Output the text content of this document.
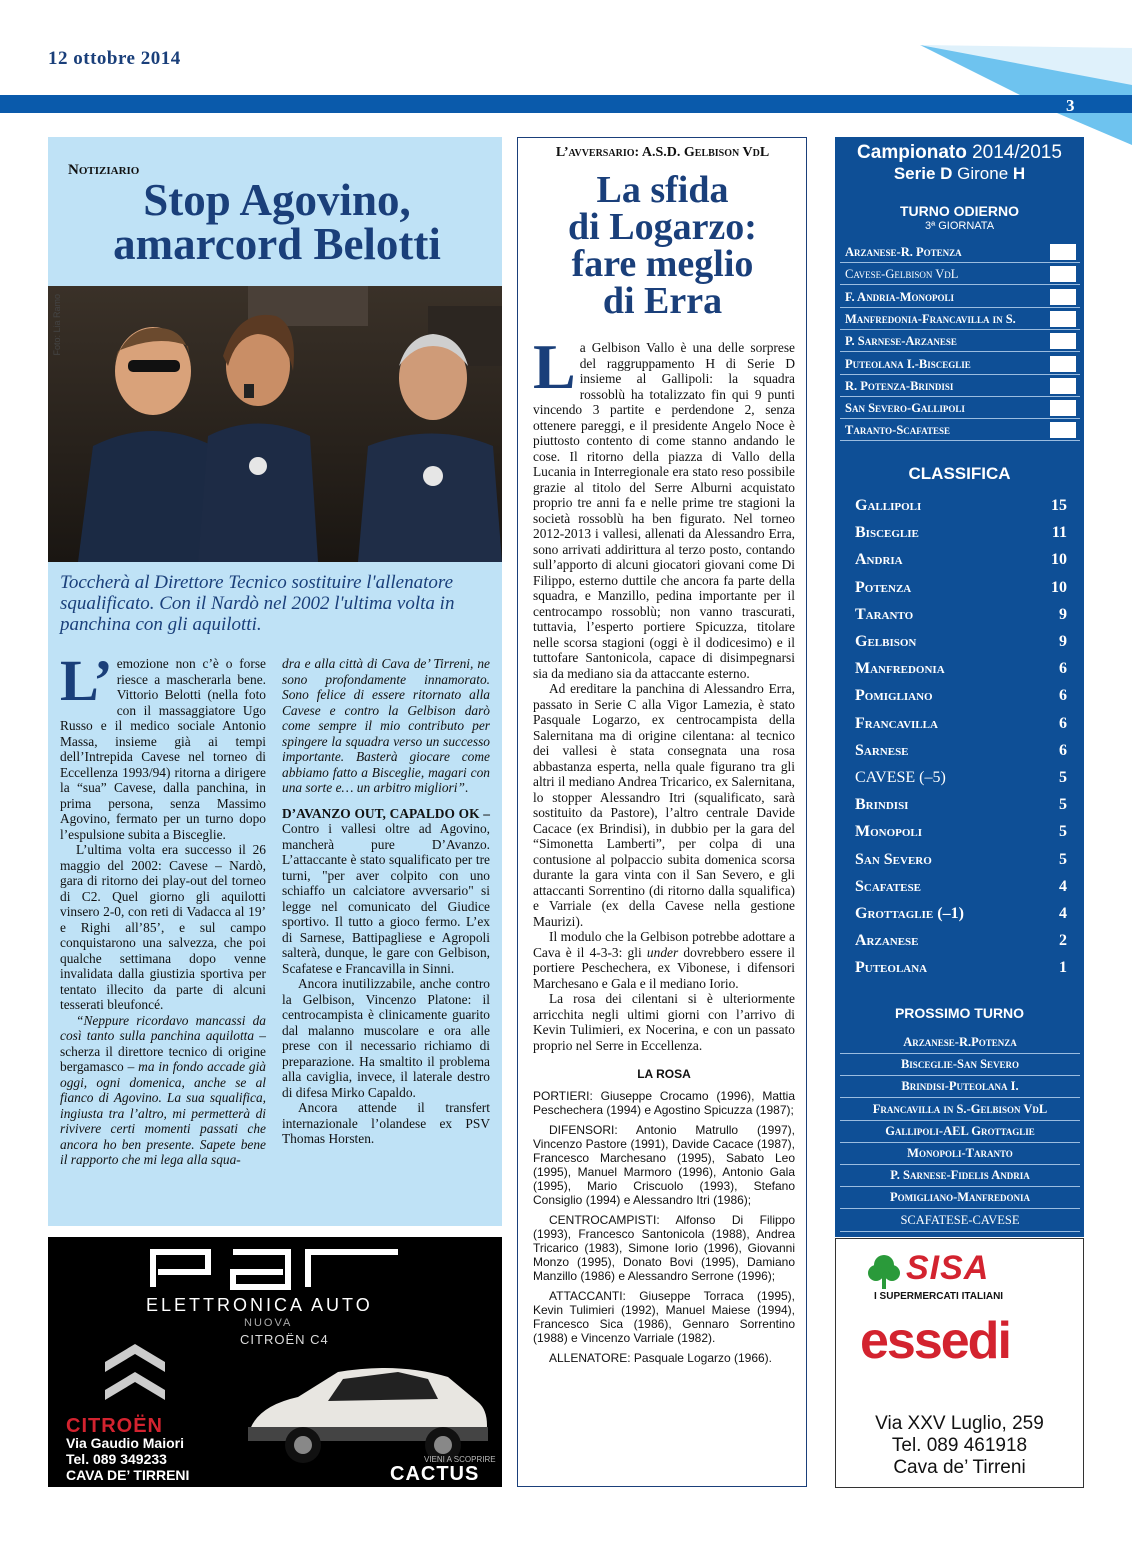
12 ottobre 2014
3
Notiziario
Stop Agovino,
amarcord Belotti
Foto: Lia Ramo
Toccherà al Direttore Tecnico sostituire l'allenatore squalificato. Con il Nardò nel 2002 l'ultima volta in panchina con gli aquilotti.

L’ emozione non c’è o forse riesce a mascherarla bene. Vittorio Belotti (nella foto con il massaggiatore Ugo Russo e il medico sociale Antonio Massa, insieme già ai tempi dell’Intrepida Cavese nel torneo di Eccellenza 1993/94) ritorna a dirigere la “sua” Cavese, dalla panchina, in prima persona, senza Massimo Agovino, fermato per un turno dopo l’espulsione subita a Bisceglie.

L’ultima volta era successo il 26 maggio del 2002: Cavese – Nardò, gara di ritorno dei play-out del torneo di C2. Quel giorno gli aquilotti vinsero 2-0, con reti di Vadacca al 19’ e Righi all’85’, e sul campo conquistarono una salvezza, che poi qualche settimana dopo venne invalidata dalla giustizia sportiva per tentato illecito da parte di alcuni tesserati bleufoncé.

“Neppure ricordavo mancassi da così tanto sulla panchina aquilotta – scherza il direttore tecnico di origine bergamasco – ma in fondo accade già oggi, ogni domenica, anche se al fianco di Agovino. La sua squalifica, ingiusta tra l’altro, mi permetterà di rivivere certi momenti passati che ancora ho ben presente. Sapete bene il rapporto che mi lega alla squa-

dra e alla città di Cava de’ Tirreni, ne sono profondamente innamorato. Sono felice di essere ritornato alla Cavese e contro la Gelbison darò come sempre il mio contributo per spingere la squadra verso un successo importante. Basterà giocare come abbiamo fatto a Bisceglie, magari con una sorte e… un arbitro migliori”.

D’AVANZO OUT, CAPALDO OK – Contro i vallesi oltre ad Agovino, mancherà pure D’Avanzo. L’attaccante è stato squalificato per tre turni, "per aver colpito con uno schiaffo un calciatore avversario" si legge nel comunicato del Giudice sportivo. Il tutto a gioco fermo. L’ex di Sarnese, Battipagliese e Agropoli salterà, dunque, le gare con Gelbison, Scafatese e Francavilla in Sinni.

Ancora inutilizzabile, anche contro la Gelbison, Vincenzo Platone: il centrocampista è clinicamente guarito dal malanno muscolare e ora alle prese con il necessario richiamo di preparazione. Ha smaltito il problema alla caviglia, invece, il laterale destro di difesa Mirko Capaldo.

Ancora attende il transfert internazionale l’olandese ex PSV Thomas Horsten.

ELETTRONICA AUTO
NUOVA
CITROËN C4
CITROËN
Via Gaudio Maiori
Tel. 089 349233
CAVA DE’ TIRRENI
VIENI A SCOPRIRE
CACTUS
L’avversario: A.S.D. Gelbison VdL
La sfida
di Logarzo:
fare meglio
di Erra

La Gelbison Vallo è una delle sorprese del raggruppamento H di Serie D insieme al Gallipoli: la squadra rossoblù ha totalizzato fin qui 9 punti vincendo 3 partite e perdendone 2, senza ottenere pareggi, e il presidente Angelo Noce è piuttosto contento di come stanno andando le cose. Il ritorno della piazza di Vallo della Lucania in Interregionale era stato reso possibile grazie al titolo del Serre Alburni acquistato proprio tre anni fa e nelle prime tre stagioni la società rossoblù ha ben figurato. Nel torneo 2012-2013 i vallesi, allenati da Alessandro Erra, sono arrivati addirittura al terzo posto, contando sull’apporto di alcuni giocatori giovani come Di Filippo, esterno duttile che ancora fa parte della squadra, e Manzillo, pedina importante per il centrocampo rossoblù; non vanno trascurati, tuttavia, l’esperto portiere Spicuzza, titolare nelle scorsa stagioni (oggi è il dodicesimo) e il tuttofare Santonicola, capace di disimpegnarsi sia da mediano sia da attaccante esterno.

Ad ereditare la panchina di Alessandro Erra, passato in Serie C alla Vigor Lamezia, è stato Pasquale Logarzo, ex centrocampista della Salernitana ma di origine cilentana: al tecnico dei vallesi è stata consegnata una rosa abbastanza esperta, nella quale figurano tra gli altri il mediano Andrea Tricarico, ex Salernitana, lo stopper Alessandro Itri (squalificato, sarà sostituito da Pastore), l’altro centrale Davide Cacace (ex Brindisi), in dubbio per la gara del “Simonetta Lamberti”, per colpa di una contusione al polpaccio subita domenica scorsa durante la gara vinta con il San Severo, e gli attaccanti Sorrentino (di ritorno dalla squalifica) e Varriale (ex della Cavese nella gestione Maurizi).

Il modulo che la Gelbison potrebbe adottare a Cava è il 4-3-3: gli under dovrebbero essere il portiere Peschechera, ex Vibonese, i difensori Marchesano e Gala e il mediano Iorio.

La rosa dei cilentani si è ulteriormente arricchita negli ultimi giorni con l’arrivo di Kevin Tulimieri, ex Nocerina, e con un passato proprio nel Serre in Eccellenza.

LA ROSA

PORTIERI: Giuseppe Crocamo (1996), Mattia Peschechera (1994) e Agostino Spicuzza (1987);

DIFENSORI: Antonio Matrullo (1997), Vincenzo Pastore (1991), Davide Cacace (1987), Francesco Marchesano (1995), Sabato Leo (1995), Manuel Marmoro (1996), Antonio Gala (1995), Mario Criscuolo (1993), Stefano Consiglio (1994) e Alessandro Itri (1986);

CENTROCAMPISTI: Alfonso Di Filippo (1993), Francesco Santonicola (1988), Andrea Tricarico (1983), Simone Iorio (1996), Giovanni Monzo (1995), Donato Bovi (1995), Damiano Manzillo (1986) e Alessandro Serrone (1996);

ATTACCANTI: Giuseppe Torraca (1995), Kevin Tulimieri (1992), Manuel Maiese (1994), Francesco Sica (1986), Gennaro Sorrentino (1988) e Vincenzo Varriale (1982).

ALLENATORE: Pasquale Logarzo (1966).

Campionato 2014/2015
Serie D Girone H
TURNO ODIERNO
3ª GIORNATA
Arzanese-R. Potenza
Cavese-Gelbison VdL
F. Andria-Monopoli
Manfredonia-Francavilla in S.
P. Sarnese-Arzanese
Puteolana I.-Bisceglie
R. Potenza-Brindisi
San Severo-Gallipoli
Taranto-Scafatese
CLASSIFICA
Gallipoli	15
Bisceglie	11
Andria	10
Potenza	10
Taranto	9
Gelbison	9
Manfredonia	6
Pomigliano	6
Francavilla	6
Sarnese	6
CAVESE (–5)	5
Brindisi	5
Monopoli	5
San Severo	5
Scafatese	4
Grottaglie (–1)	4
Arzanese	2
Puteolana	1
PROSSIMO TURNO
Arzanese-R.Potenza
Bisceglie-San Severo
Brindisi-Puteolana I.
Francavilla in S.-Gelbison VdL
Gallipoli-AEL Grottaglie
Monopoli-Taranto
P. Sarnese-Fidelis Andria
Pomigliano-Manfredonia
SCAFATESE-CAVESE
SISA
I SUPERMERCATI ITALIANI
essedi
Via XXV Luglio, 259
Tel. 089 461918
Cava de’ Tirreni
